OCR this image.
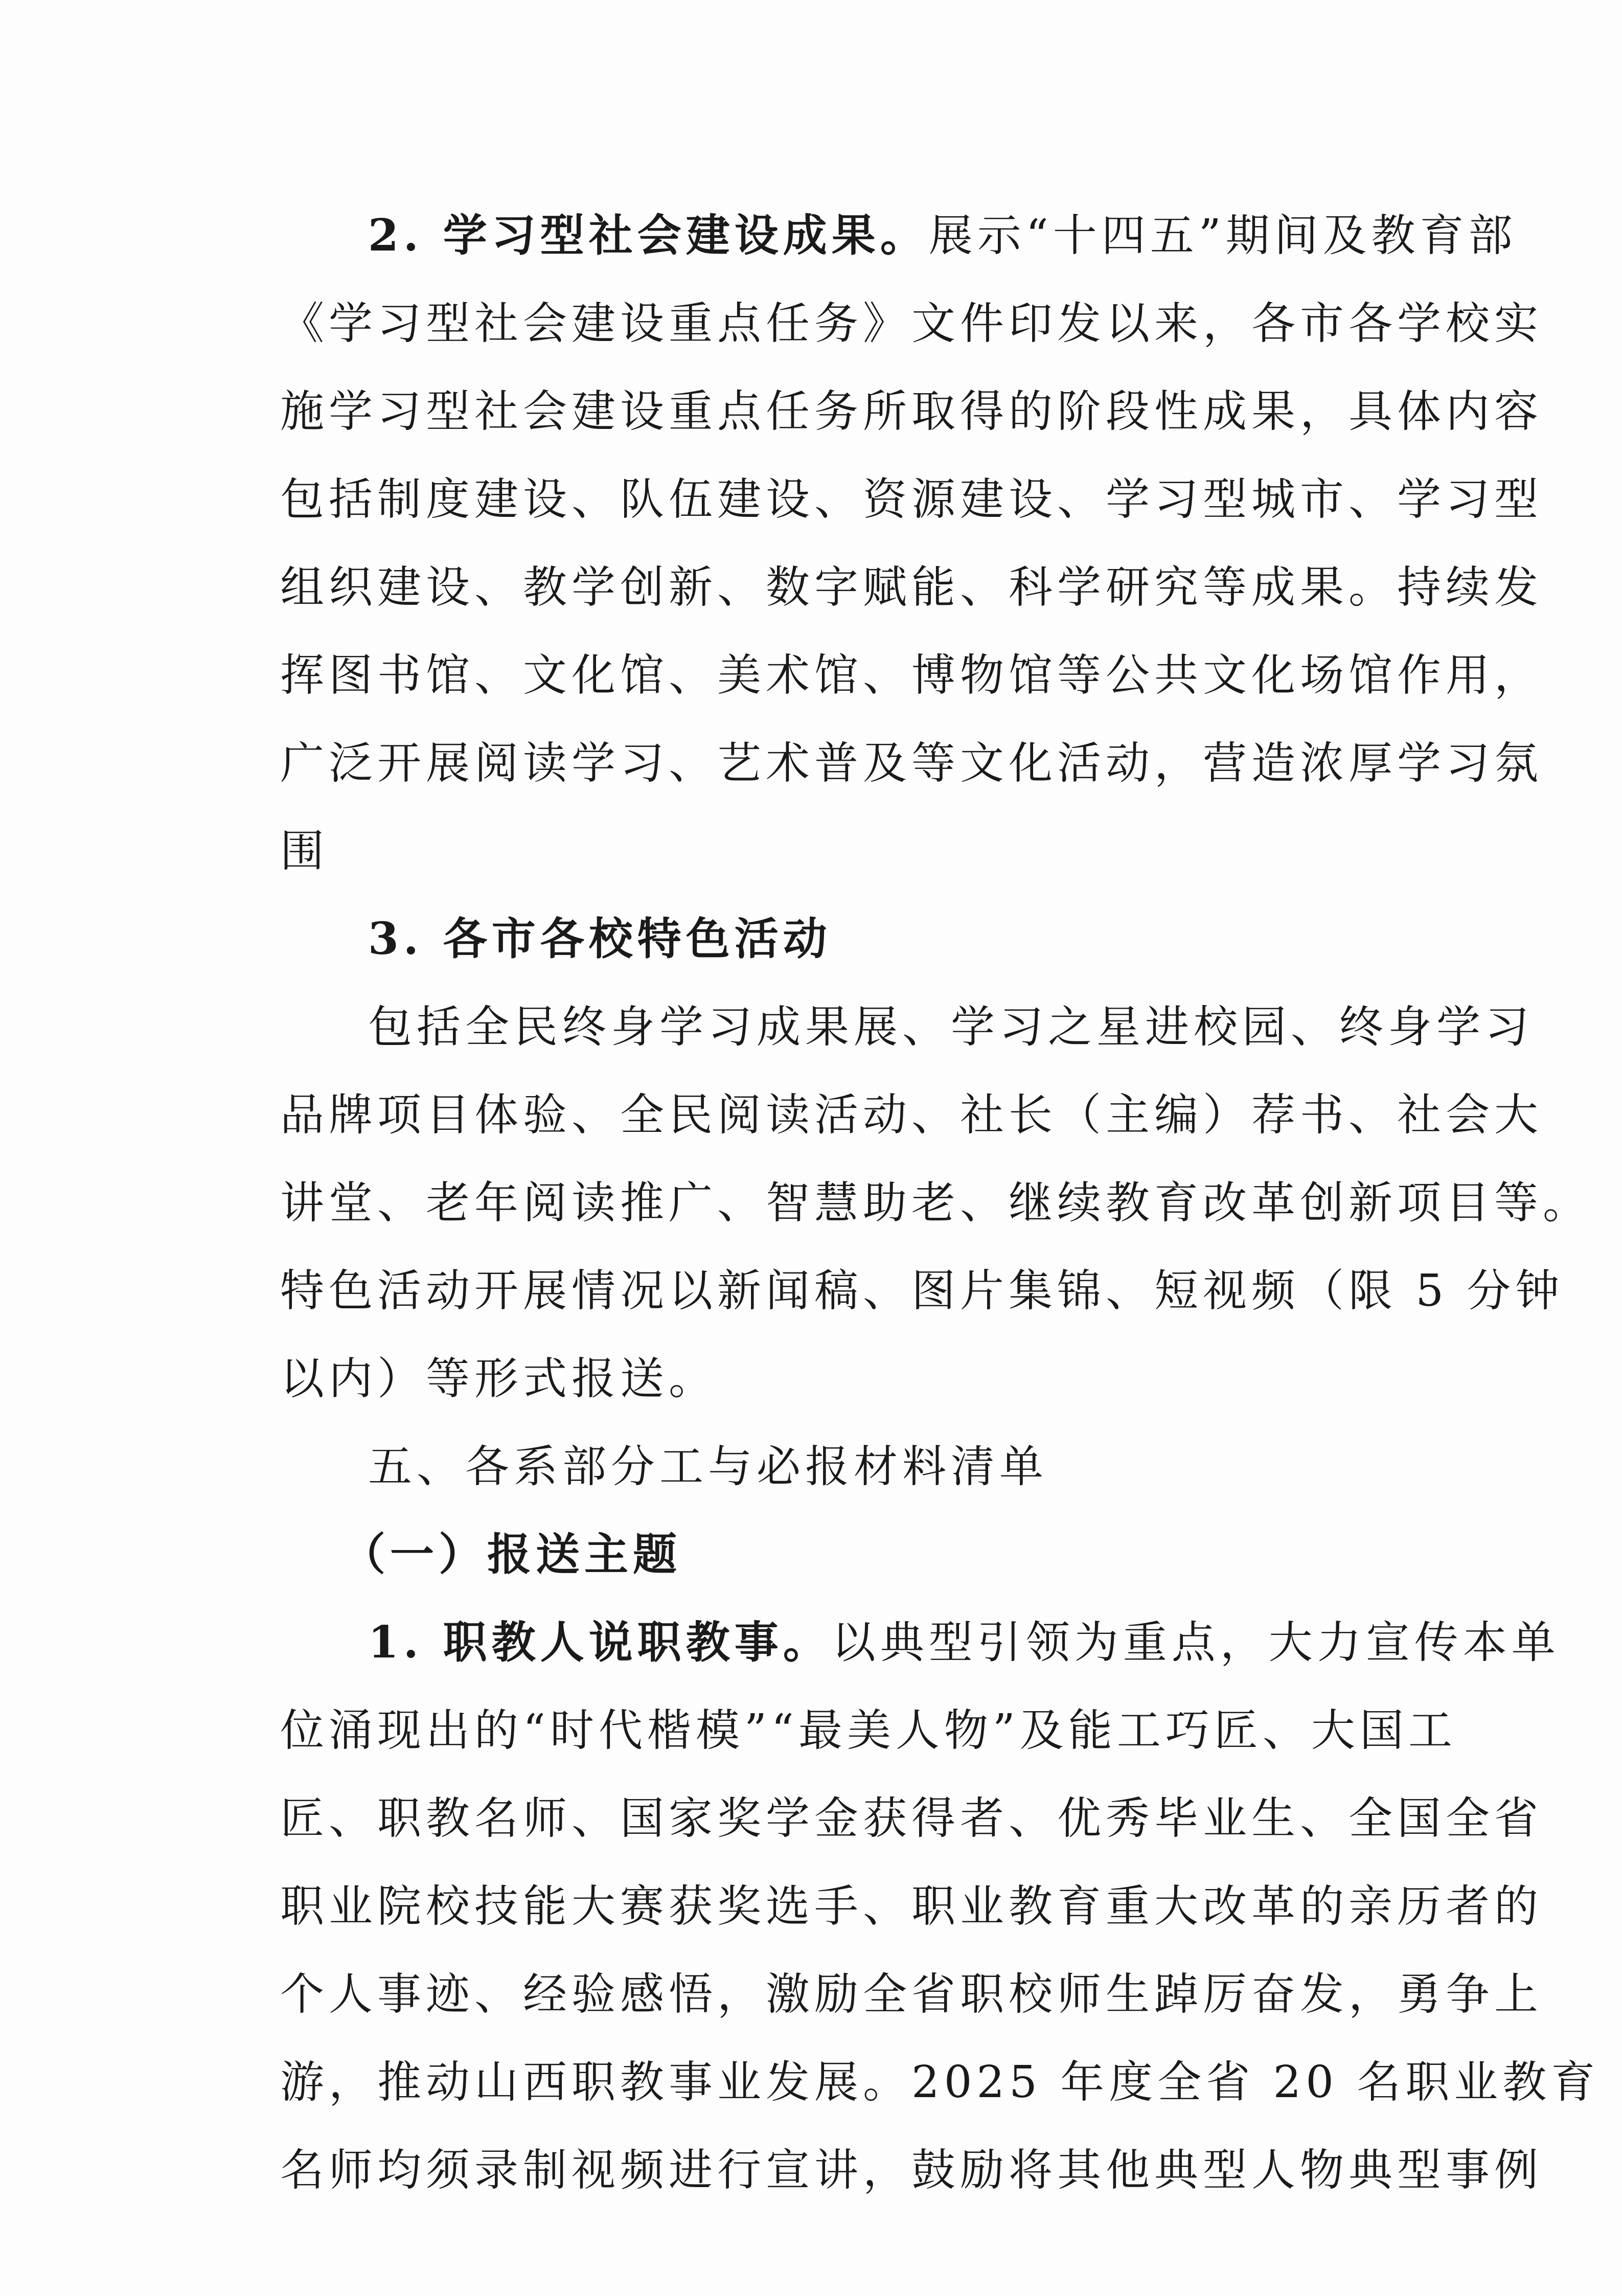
2. 学习型社会建设成果。展示“十四五”期间及教育部
《学习型社会建设重点任务》文件印发以来，各市各学校实
施学习型社会建设重点任务所取得的阶段性成果，具体内容
包括制度建设、队伍建设、资源建设、学习型城市、学习型
组织建设、教学创新、数字赋能、科学研究等成果。持续发
挥图书馆、文化馆、美术馆、博物馆等公共文化场馆作用，
广泛开展阅读学习、艺术普及等文化活动，营造浓厚学习氛
围
3. 各市各校特色活动
包括全民终身学习成果展、学习之星进校园、终身学习
品牌项目体验、全民阅读活动、社长（主编）荐书、社会大
讲堂、老年阅读推广、智慧助老、继续教育改革创新项目等。
特色活动开展情况以新闻稿、图片集锦、短视频（限 5 分钟
以内）等形式报送。
五、各系部分工与必报材料清单
（一）报送主题
1. 职教人说职教事。以典型引领为重点，大力宣传本单
位涌现出的“时代楷模”“最美人物”及能工巧匠、大国工
匠、职教名师、国家奖学金获得者、优秀毕业生、全国全省
职业院校技能大赛获奖选手、职业教育重大改革的亲历者的
个人事迹、经验感悟，激励全省职校师生踔厉奋发，勇争上
游，推动山西职教事业发展。2025 年度全省 20 名职业教育
名师均须录制视频进行宣讲，鼓励将其他典型人物典型事例
